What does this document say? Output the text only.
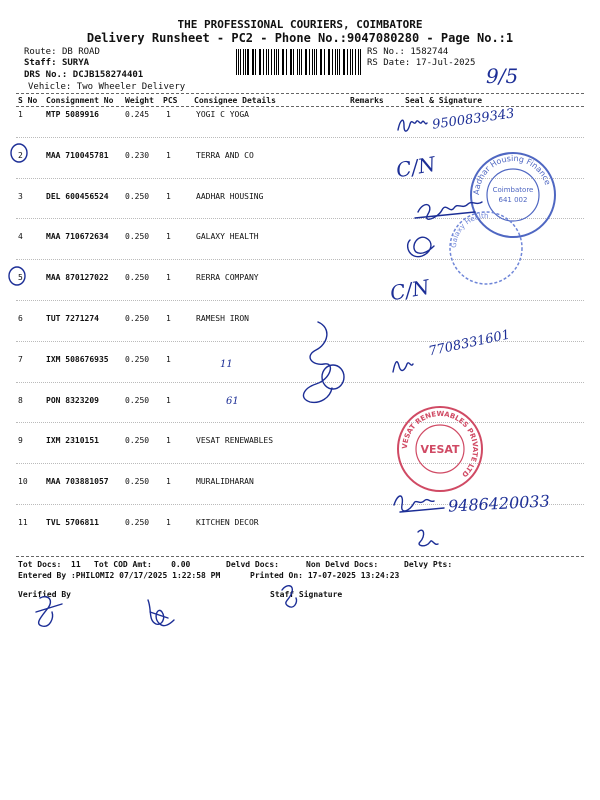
THE PROFESSIONAL COURIERS, COIMBATORE
Delivery Runsheet - PC2 - Phone No.:9047080280 - Page No.:1
Route: DB ROAD
Staff: SURYA
DRS No.: DCJB158274401
Vehicle: Two Wheeler Delivery
RS No.: 1582744
RS Date: 17-Jul-2025
S No Consignment No Weight PCS Consignee Details	Remarks	Seal & Signature
1	MTP 5089916	0.245 1	YOGI C YOGA
2	MAA 710045781 0.230 1	TERRA AND CO
3	DEL 600456524 0.250 1	AADHAR HOUSING
4	MAA 710672634 0.250 1	GALAXY HEALTH
5	MAA 870127022 0.250 1	RERRA COMPANY
6	TUT 7271274	0.250 1	RAMESH IRON
7	IXM 508676935 0.250 1
8	PON 8323209	0.250 1
9	IXM 2310151	0.250 1	VESAT RENEWABLES
10 MAA 703881057 0.250 1	MURALIDHARAN
11 TVL 5706811	0.250 1	KITCHEN DECOR
Tot Docs: 11 Tot COD Amt: 0.00	Delvd Docs:	Non Delvd Docs:	Delvy Pts:
Entered By :PHILOMI2 07/17/2025 1:22:58 PM	Printed On: 17-07-2025 13:24:23
Verified By	Staff Signature
Aadhar Housing Finance
Coimbatore
641 002
Galaxy Health
VESAT RENEWABLES PRIVATE LTD
VESAT
9/5
9500839343
C/N
C/N
7708331601
11
61
9486420033
